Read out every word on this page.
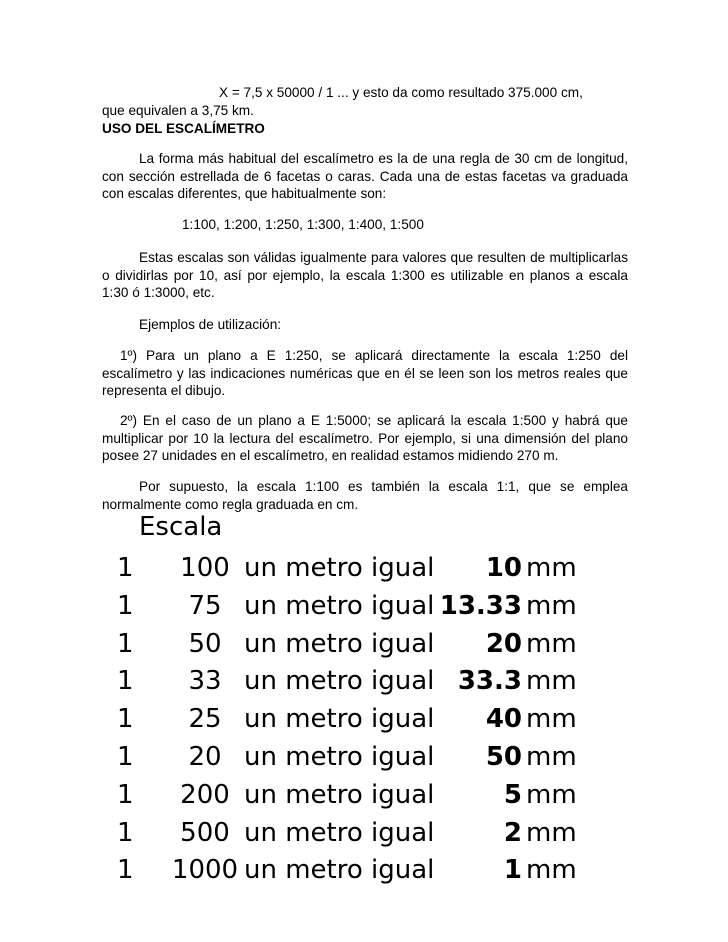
X = 7,5 x 50000 / 1 ... y esto da como resultado 375.000 cm,

que equivalen a 3,75 km.

USO DEL ESCALÍMETRO

La forma más habitual del escalímetro es la de una regla de 30 cm de longitud, con sección estrellada de 6 facetas o caras. Cada una de estas facetas va graduada con escalas diferentes, que habitualmente son:

1:100, 1:200, 1:250, 1:300, 1:400, 1:500

Estas escalas son válidas igualmente para valores que resulten de multiplicarlas o dividirlas por 10, así por ejemplo, la escala 1:300 es utilizable en planos a escala 1:30 ó 1:3000, etc.

Ejemplos de utilización:

1º) Para un plano a E 1:250, se aplicará directamente la escala 1:250 del escalímetro y las indicaciones numéricas que en él se leen son los metros reales que representa el dibujo.

2º) En el caso de un plano a E 1:5000; se aplicará la escala 1:500 y habrá que multiplicar por 10 la lectura del escalímetro. Por ejemplo, si una dimensión del plano posee 27 unidades en el escalímetro, en realidad estamos midiendo 270 m.

Por supuesto, la escala 1:100 es también la escala 1:1, que se emplea normalmente como regla graduada en cm.

Escala
1	100 un metro igual 10 mm
1	75 un metro igual 13.33 mm
1	50 un metro igual 20 mm
1	33 un metro igual 33.3 mm
1	25 un metro igual 40 mm
1	20 un metro igual 50 mm
1	200 un metro igual	5 mm
1	500 un metro igual	2 mm
1	1000 un metro igual	1 mm
